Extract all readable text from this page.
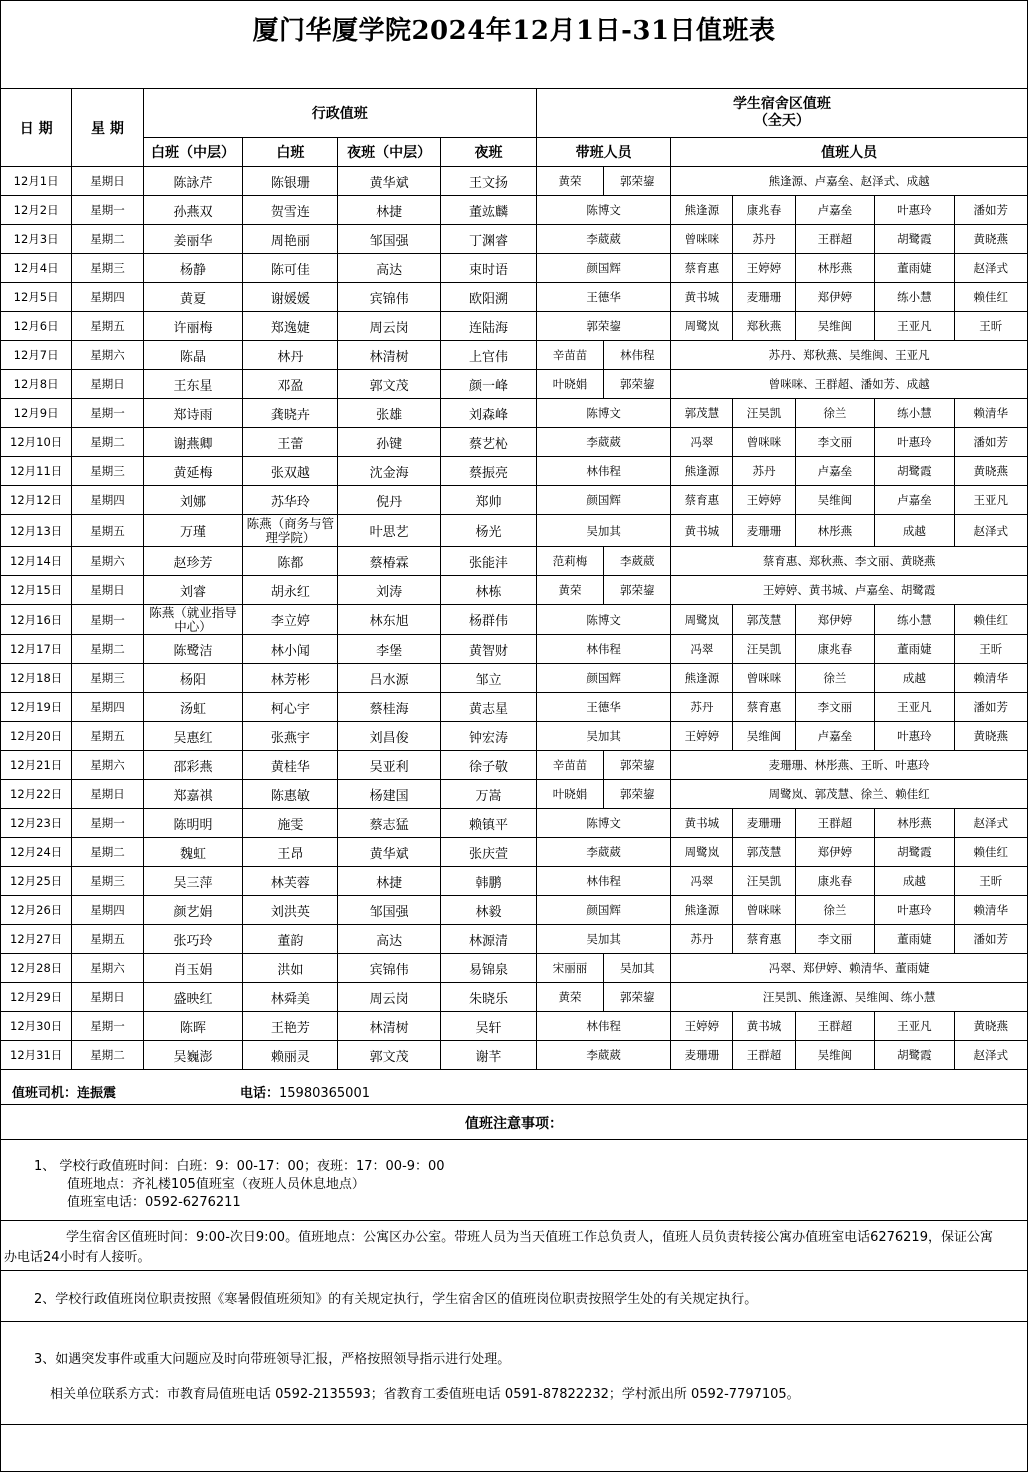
厦门华厦学院2024年12月1日-31日值班表
日 期	星 期	行政值班				学生宿舍区值班
（全天）						

		白班（中层）	白班	夜班（中层）	夜班	带班人员		值班人员				
12月1日	星期日	陈詠芹	陈银珊	黄华斌	王文扬	黄荣	郭荣鋆	熊逢源、卢嘉垒、赵泽式、成越				
12月2日	星期一	孙燕双	贺雪连	林捷	董竑麟	陈博文		熊逢源	康兆春	卢嘉垒	叶惠玲	潘如芳
12月3日	星期二	姜丽华	周艳丽	邹国强	丁渊睿	李葳葳		曾咪咪	苏丹	王群超	胡鹭霞	黄晓燕
12月4日	星期三	杨静	陈可佳	高达	束时语	颜国辉		蔡育惠	王婷婷	林彤燕	董雨婕	赵泽式
12月5日	星期四	黄夏	谢媛媛	宾锦伟	欧阳溯	王德华		黄书城	麦珊珊	郑伊婷	练小慧	赖佳红
12月6日	星期五	许丽梅	郑逸婕	周云岗	连陆海	郭荣鋆		周鹭岚	郑秋燕	吴维闽	王亚凡	王昕
12月7日	星期六	陈晶	林丹	林清树	上官伟	辛苗苗	林伟程	苏丹、郑秋燕、吴维闽、王亚凡				
12月8日	星期日	王东星	邓盈	郭文茂	颜一峰	叶晓娟	郭荣鋆	曾咪咪、王群超、潘如芳、成越				
12月9日	星期一	郑诗雨	龚晓卉	张雄	刘森峰	陈博文		郭茂慧	汪昊凯	徐兰	练小慧	赖清华
12月10日	星期二	谢燕卿	王蕾	孙键	蔡艺杺	李葳葳		冯翠	曾咪咪	李文丽	叶惠玲	潘如芳
12月11日	星期三	黄延梅	张双越	沈金海	蔡振亮	林伟程		熊逢源	苏丹	卢嘉垒	胡鹭霞	黄晓燕
12月12日	星期四	刘娜	苏华玲	倪丹	郑帅	颜国辉		蔡育惠	王婷婷	吴维闽	卢嘉垒	王亚凡
12月13日	星期五	万瑾	陈燕（商务与管理学院）	叶思艺	杨光	吴加其		黄书城	麦珊珊	林彤燕	成越	赵泽式
12月14日	星期六	赵珍芳	陈都	蔡椿霖	张能沣	范莉梅	李葳葳	蔡育惠、郑秋燕、李文丽、黄晓燕				
12月15日	星期日	刘睿	胡永红	刘涛	林栋	黄荣	郭荣鋆	王婷婷、黄书城、卢嘉垒、胡鹭霞				
12月16日	星期一	陈燕（就业指导中心）	李立婷	林东旭	杨群伟	陈博文		周鹭岚	郭茂慧	郑伊婷	练小慧	赖佳红
12月17日	星期二	陈鹭洁	林小闻	李堡	黄智财	林伟程		冯翠	汪昊凯	康兆春	董雨婕	王昕
12月18日	星期三	杨阳	林芳彬	吕水源	邹立	颜国辉		熊逢源	曾咪咪	徐兰	成越	赖清华
12月19日	星期四	汤虹	柯心宇	蔡桂海	黄志星	王德华		苏丹	蔡育惠	李文丽	王亚凡	潘如芳
12月20日	星期五	吴惠红	张燕宇	刘昌俊	钟宏涛	吴加其		王婷婷	吴维闽	卢嘉垒	叶惠玲	黄晓燕
12月21日	星期六	邵彩燕	黄桂华	吴亚利	徐子敬	辛苗苗	郭荣鋆	麦珊珊、林彤燕、王昕、叶惠玲				
12月22日	星期日	郑嘉祺	陈惠敏	杨建国	万嵩	叶晓娟	郭荣鋆	周鹭岚、郭茂慧、徐兰、赖佳红				
12月23日	星期一	陈明明	施雯	蔡志猛	赖镇平	陈博文		黄书城	麦珊珊	王群超	林彤燕	赵泽式
12月24日	星期二	魏虹	王昂	黄华斌	张庆萱	李葳葳		周鹭岚	郭茂慧	郑伊婷	胡鹭霞	赖佳红
12月25日	星期三	吴三萍	林芙蓉	林捷	韩鹏	林伟程		冯翠	汪昊凯	康兆春	成越	王昕
12月26日	星期四	颜艺娟	刘洪英	邹国强	林毅	颜国辉		熊逢源	曾咪咪	徐兰	叶惠玲	赖清华
12月27日	星期五	张巧玲	董韵	高达	林源清	吴加其		苏丹	蔡育惠	李文丽	董雨婕	潘如芳
12月28日	星期六	肖玉娟	洪如	宾锦伟	易锦泉	宋丽丽	吴加其	冯翠、郑伊婷、赖清华、董雨婕				
12月29日	星期日	盛映红	林舜美	周云岗	朱晓乐	黄荣	郭荣鋆	汪昊凯、熊逢源、吴维闽、练小慧				
12月30日	星期一	陈晖	王艳芳	林清树	吴轩	林伟程		王婷婷	黄书城	王群超	王亚凡	黄晓燕
12月31日	星期二	吴巍澎	赖丽灵	郭文茂	谢芊	李葳葳		麦珊珊	王群超	吴维闽	胡鹭霞	赵泽式
值班司机：连振震	电话：15980365001
值班注意事项：
1、 学校行政值班时间：白班：9：00-17：00；夜班：17：00-9：00
值班地点：齐礼楼105值班室（夜班人员休息地点）
值班室电话：0592-6276211
学生宿舍区值班时间：9:00-次日9:00。值班地点：公寓区办公室。带班人员为当天值班工作总负责人，值班人员负责转接公寓办值班室电话6276219，保证公寓办电话24小时有人接听。
2、学校行政值班岗位职责按照《寒暑假值班须知》的有关规定执行，学生宿舍区的值班岗位职责按照学生处的有关规定执行。
3、如遇突发事件或重大问题应及时向带班领导汇报，严格按照领导指示进行处理。
相关单位联系方式：市教育局值班电话 0592-2135593；省教育工委值班电话 0591-87822232；学村派出所 0592-7797105。
